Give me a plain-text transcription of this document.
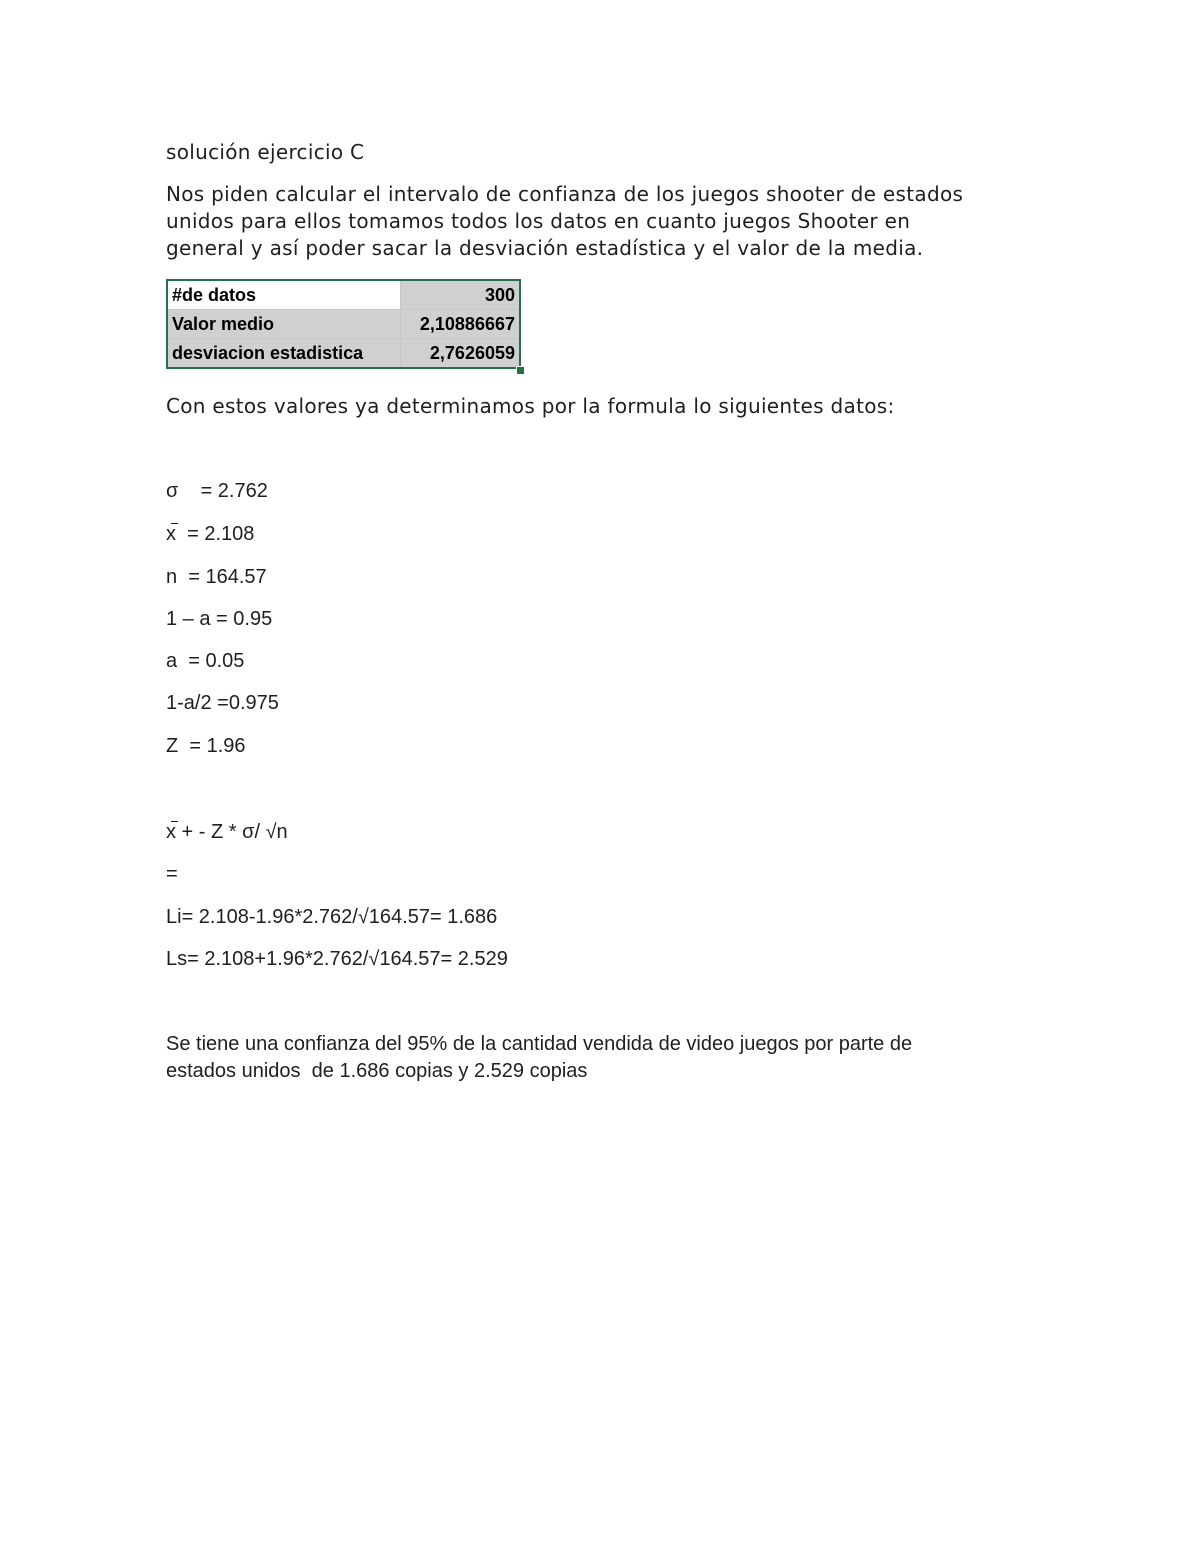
solución ejercicio C

Nos piden calcular el intervalo de confianza de los juegos shooter de estados

unidos para ellos tomamos todos los datos en cuanto juegos Shooter en

general y así poder sacar la desviación estadística y el valor de la media.

#de datos	300
Valor medio	2,10886667
desviacion estadistica	2,7626059

Con estos valores ya determinamos por la formula lo siguientes datos:

σ    = 2.762

x  = 2.108

n  = 164.57

1 – a = 0.95

a  = 0.05

1-a/2 =0.975

Z  = 1.96

x + - Z * σ/ √n

=

Li= 2.108-1.96*2.762/√164.57= 1.686

Ls= 2.108+1.96*2.762/√164.57= 2.529

Se tiene una confianza del 95% de la cantidad vendida de video juegos por parte de

estados unidos  de 1.686 copias y 2.529 copias
